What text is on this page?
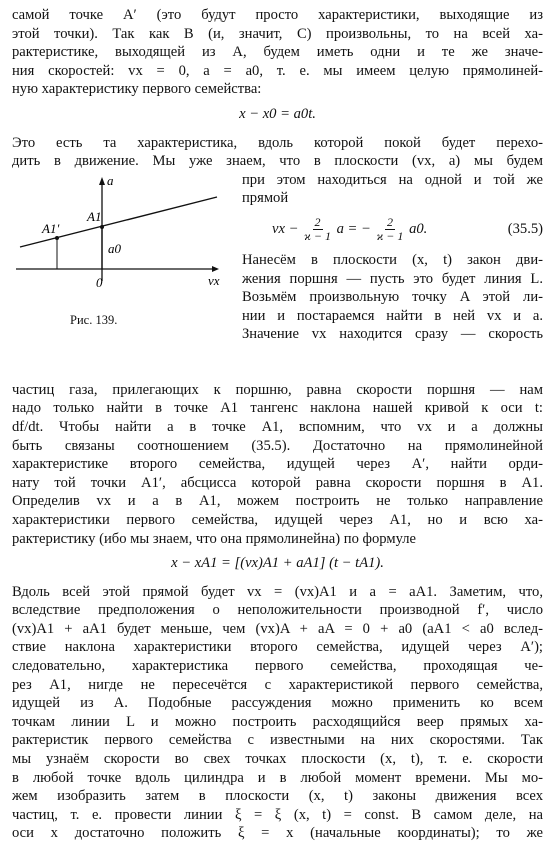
самой точке A′ (это будут просто характеристики, выходящие из
этой точки). Так как B (и, значит, C) произвольны, то на всей ха-
рактеристике, выходящей из A, будем иметь одни и те же значе-
ния скоростей: vx = 0, a = a0, т. е. мы имеем целую прямолиней-
ную характеристику первого семейства:
x − x0 = a0t.
Это есть та характеристика, вдоль которой покой будет перехо-
дить в движение. Мы уже знаем, что в плоскости (vx, a) мы будем
a
vx
A1′
A1
a0
0
Рис. 139.
при этом находиться на одной и той же
прямой
vx − $\frac{2}{ϰ - 1}$ a = − $\frac{2}{ϰ - 1} a0$.	(35.5)
Нанесём в плоскости (x, t) закон дви-
жения поршня — пусть это будет линия L.
Возьмём произвольную точку A этой ли-
нии и постараемся найти в ней vx и a.
Значение vx находится сразу — скорость
частиц газа, прилегающих к поршню, равна скорости поршня — нам
надо только найти в точке A1 тангенс наклона нашей кривой к оси t:
df/dt. Чтобы найти a в точке A1, вспомним, что vx и a должны
быть связаны соотношением (35.5). Достаточно на прямолинейной
характеристике второго семейства, идущей через A′, найти орди-
нату той точки A1′, абсцисса которой равна скорости поршня в A1.
Определив vx и a в A1, можем построить не только направление
характеристики первого семейства, идущей через A1, но и всю ха-
рактеристику (ибо мы знаем, что она прямолинейна) по формуле
x − xA1 = [(vx)A1 + aA1] (t − tA1).
Вдоль всей этой прямой будет vx = (vx)A1 и a = aA1. Заметим, что,
вследствие предположения о неположительности производной f′, число
(vx)A1 + aA1 будет меньше, чем (vx)A + aA = 0 + a0 (aA1 < a0 вслед-
ствие наклона характеристики второго семейства, идущей через A′);
следовательно, характеристика первого семейства, проходящая че-
рез A1, нигде не пересечётся с характеристикой первого семейства,
идущей из A. Подобные рассуждения можно применить ко всем
точкам линии L и можно построить расходящийся веер прямых ха-
рактеристик первого семейства с известными на них скоростями. Так
мы узнаём скорости во свех точках плоскости (x, t), т. е. скорости
в любой точке вдоль цилиндра и в любой момент времени. Мы мо-
жем изобразить затем в плоскости (x, t) законы движения всех
частиц, т. е. провести линии ξ = ξ (x, t) = const. В самом деле, на
оси x достаточно положить ξ = x (начальные координаты); то же
